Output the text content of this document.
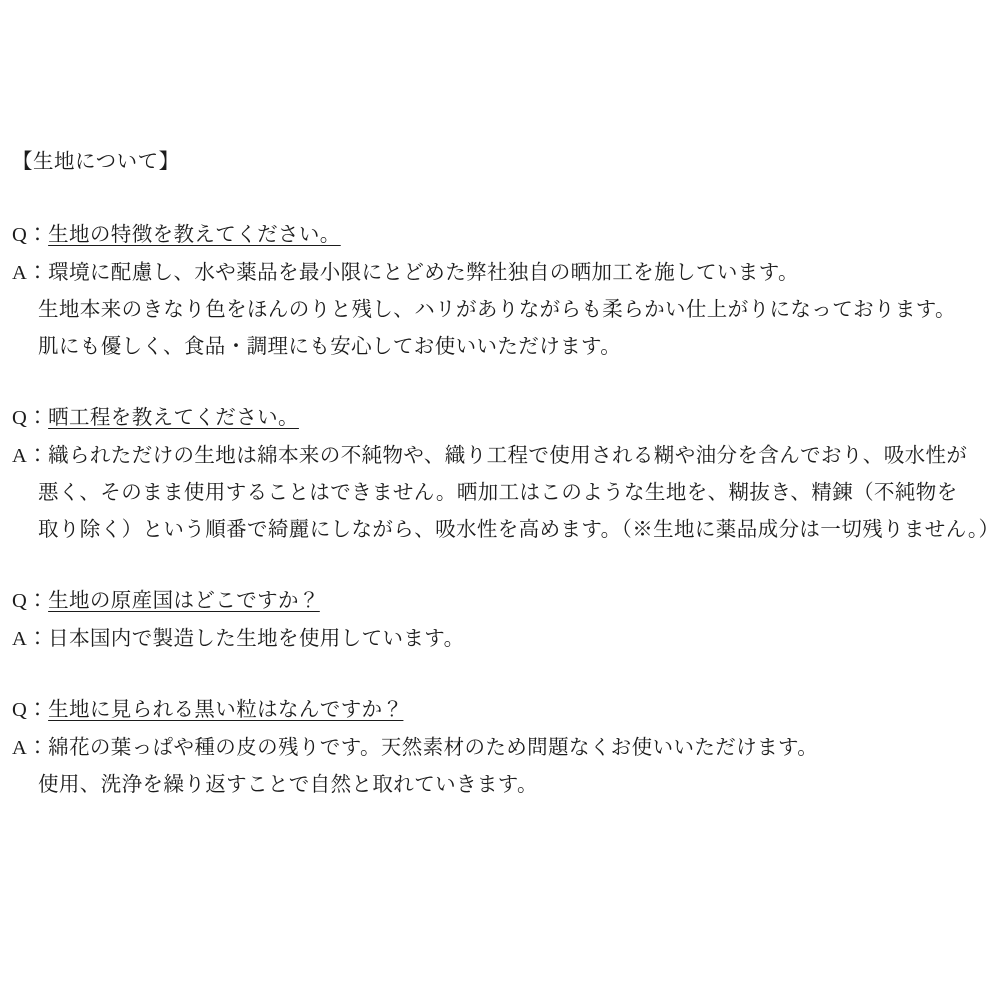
【生地について】
Q：生地の特徴を教えてください。
A：環境に配慮し、水や薬品を最小限にとどめた弊社独自の晒加工を施しています。
生地本来のきなり色をほんのりと残し、ハリがありながらも柔らかい仕上がりになっております。
肌にも優しく、食品・調理にも安心してお使いいただけます。
Q：晒工程を教えてください。
A：織られただけの生地は綿本来の不純物や、織り工程で使用される糊や油分を含んでおり、吸水性が
悪く、そのまま使用することはできません。晒加工はこのような生地を、糊抜き、精錬（不純物を
取り除く）という順番で綺麗にしながら、吸水性を高めます。（※生地に薬品成分は一切残りません。）
Q：生地の原産国はどこですか？
A：日本国内で製造した生地を使用しています。
Q：生地に見られる黒い粒はなんですか？
A：綿花の葉っぱや種の皮の残りです。天然素材のため問題なくお使いいただけます。
使用、洗浄を繰り返すことで自然と取れていきます。
